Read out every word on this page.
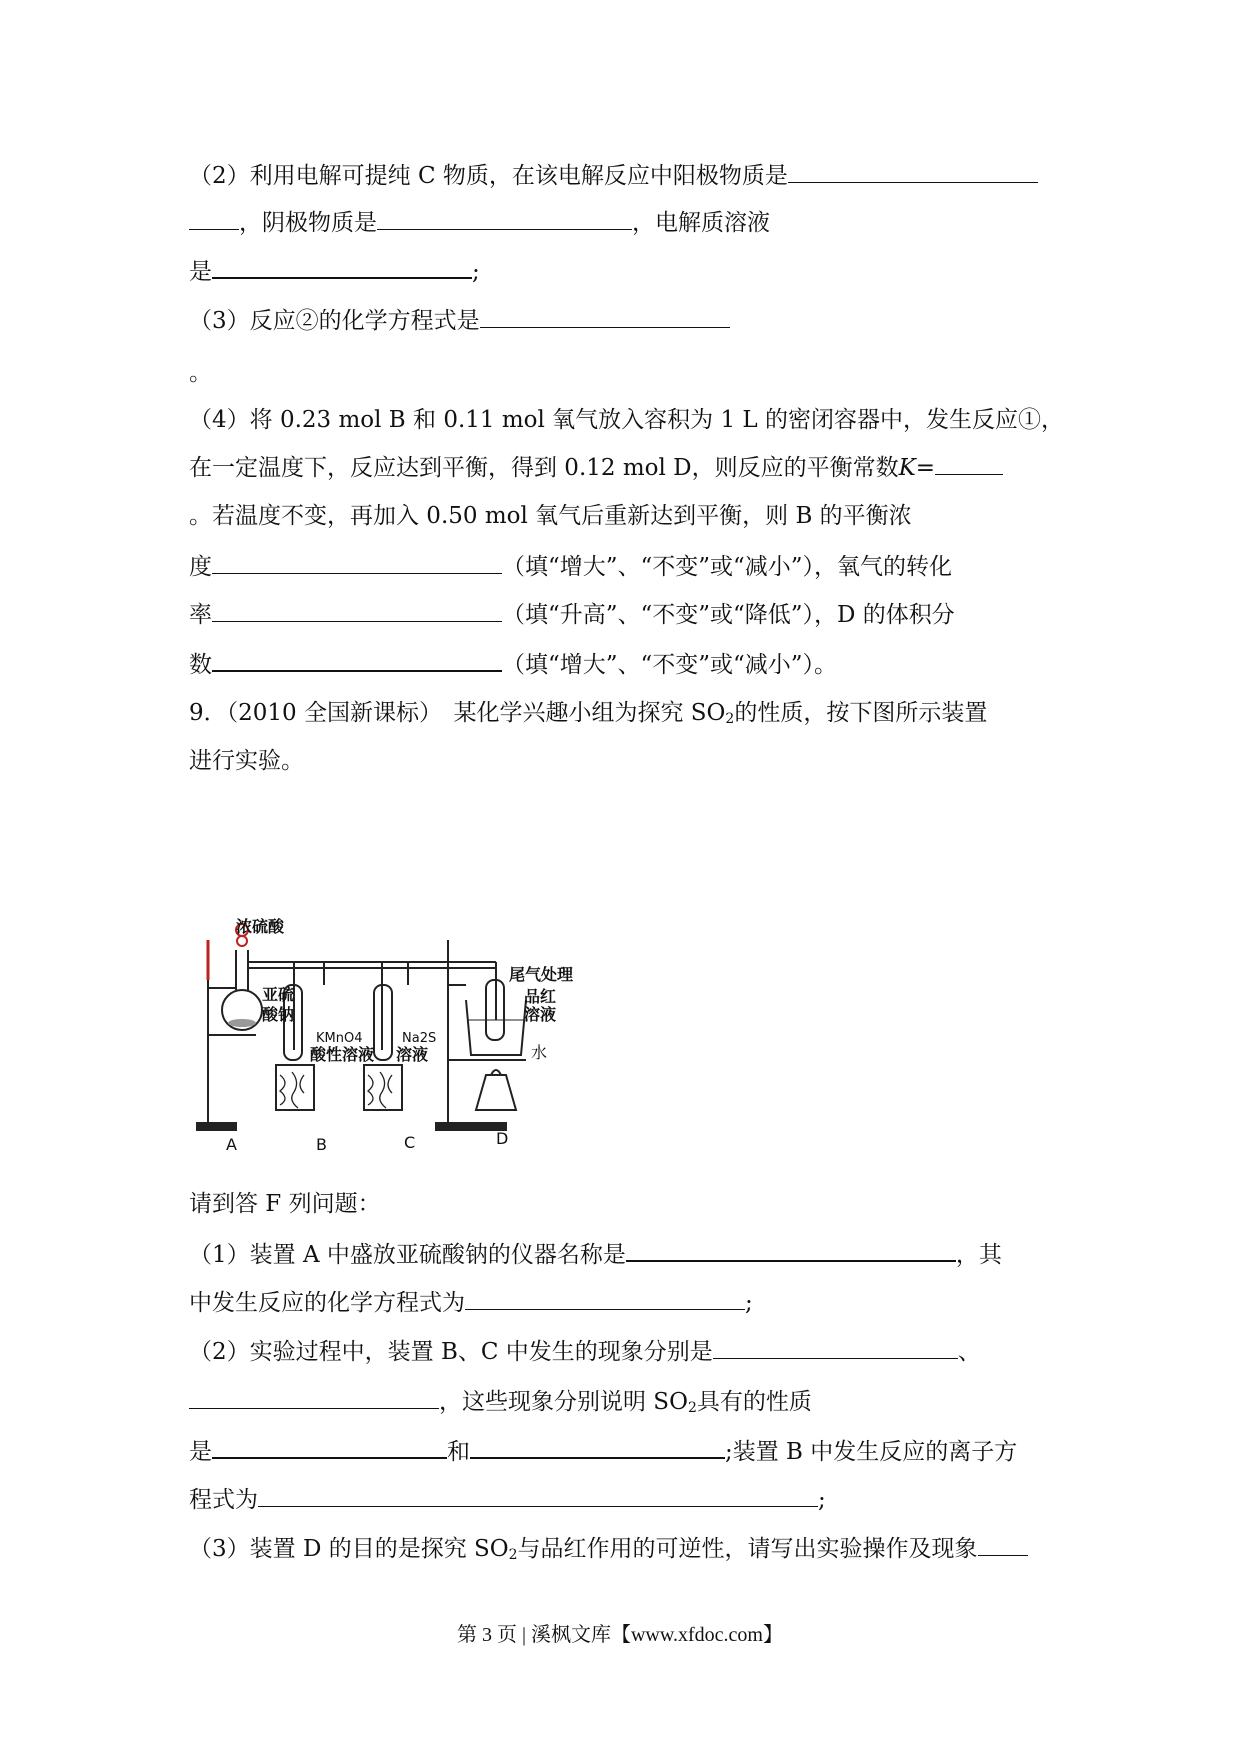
（2）利用电解可提纯 C 物质，在该电解反应中阳极物质是
，阴极物质是	，电解质溶液
是	;
（3）反应②的化学方程式是
。
（4）将 0.23 mol B 和 0.11 mol 氧气放入容积为 1 L 的密闭容器中，发生反应①，
在一定温度下，反应达到平衡，得到 0.12 mol D，则反应的平衡常数K=
。若温度不变，再加入 0.50 mol 氧气后重新达到平衡，则 B 的平衡浓
度	（填“增大”、“不变”或“减小”），氧气的转化
率	（填“升高”、“不变”或“降低”），D 的体积分
数	（填“增大”、“不变”或“减小”）。
9．（2010 全国新课标）　某化学兴趣小组为探究 $SO_2$的性质，按下图所示装置
进行实验。
浓硫酸
亚硫
酸钠
KMnO4
酸性溶液
Na2S
溶液
尾气处理
品红
溶液
水
A	B	C	D
请到答 F 列问题：
（1）装置 A 中盛放亚硫酸钠的仪器名称是	，其
中发生反应的化学方程式为	;
（2）实验过程中，装置 B、C 中发生的现象分别是	、
，这些现象分别说明 $SO_2$具有的性质
是	和	;装置 B 中发生反应的离子方
程式为	;
（3）装置 D 的目的是探究 $SO_2$与品红作用的可逆性，请写出实验操作及现象
第 3 页 | 溪枫文库【www.xfdoc.com】
